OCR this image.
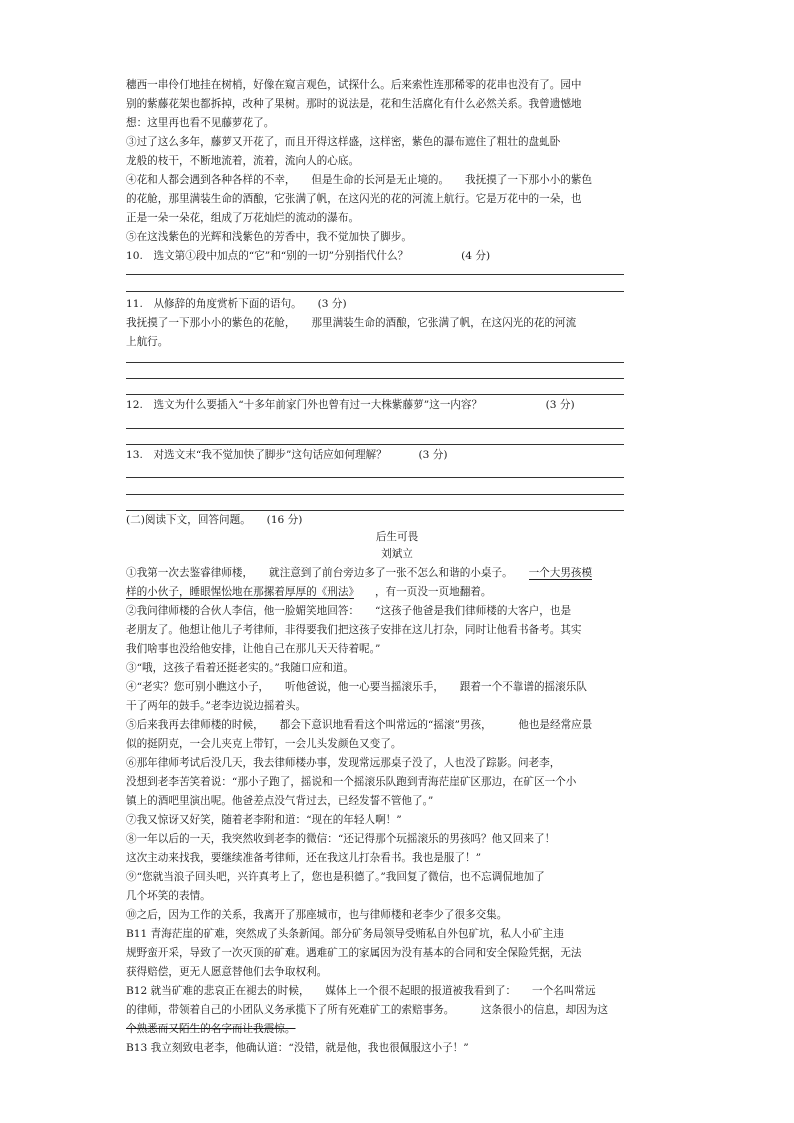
穗西一串伶仃地挂在树梢，好像在窥言观色，试探什么。后来索性连那稀零的花串也没有了。园中
别的紫藤花架也都拆掉，改种了果树。那时的说法是，花和生活腐化有什么必然关系。我曾遗憾地
想：这里再也看不见藤萝花了。
③过了这么多年，藤萝又开花了，而且开得这样盛，这样密，紫色的瀑布遮住了粗壮的盘虬卧
龙般的枝干，不断地流着，流着，流向人的心底。
④花和人都会遇到各种各样的不幸，　　但是生命的长河是无止境的。　　我抚摸了一下那小小的紫色
的花舱，那里满装生命的酒酿，它张满了帆，在这闪光的花的河流上航行。它是万花中的一朵，也
正是一朵一朵花，组成了万花灿烂的流动的瀑布。
⑤在这浅紫色的光辉和浅紫色的芳香中，我不觉加快了脚步。
10.　选文第①段中加点的“它”和“别的一切”分别指代什么？　　　　　(4 分)
11.　从修辞的角度赏析下面的语句。　　(3 分)
我抚摸了一下那小小的紫色的花舱，　　那里满装生命的酒酿，它张满了帆，在这闪光的花的河流
上航行。
12.　选文为什么要插入“十多年前家门外也曾有过一大株紫藤萝”这一内容？　　　　　　(3 分)
13.　对选文末“我不觉加快了脚步”这句话应如何理解？　　　(3 分)
(二)阅读下文，回答问题。　　(16 分)
后生可畏
刘斌立
①我第一次去鉴睿律师楼，　　就注意到了前台旁边多了一张不怎么和谐的小桌子。　　一个大男孩模
样的小伙子，睡眼惺忪地在那摞着厚厚的《刑法》　　，有一页没一页地翻着。
②我问律师楼的合伙人李信，他一脸媚笑地回答：　　“这孩子他爸是我们律师楼的大客户，也是
老朋友了。他想让他儿子考律师，非得要我们把这孩子安排在这儿打杂，同时让他看书备考。其实
我们啥事也没给他安排，让他自己在那儿天天待着呢。”
③“哦，这孩子看着还挺老实的。”我随口应和道。
④“老实？您可别小瞧这小子，　　听他爸说，他一心要当摇滚乐手，　　跟着一个不靠谱的摇滚乐队
干了两年的鼓手。”老李边说边摇着头。
⑤后来我再去律师楼的时候，　　都会下意识地看看这个叫常远的“摇滚”男孩，　　　他也是经常应景
似的挺阴克，一会儿夹克上带钉，一会儿头发颜色又变了。
⑥那年律师考试后没几天，我去律师楼办事，发现常远那桌子没了，人也没了踪影。问老李，
没想到老李苦笑着说：“那小子跑了，摇说和一个摇滚乐队跑到青海茫崖矿区那边，在矿区一个小
镇上的酒吧里演出呢。他爸差点没气背过去，已经发誓不管他了。”
⑦我又惊讶又好笑，随着老李附和道：“现在的年轻人啊！”
⑧一年以后的一天，我突然收到老李的微信：“还记得那个玩摇滚乐的男孩吗？他又回来了！
这次主动来找我，要继续准备考律师，还在我这儿打杂看书。我也是服了！”
⑨“您就当浪子回头吧，兴许真考上了，您也是积德了。”我回复了微信，也不忘调侃地加了
几个坏笑的表情。
⑩之后，因为工作的关系，我离开了那座城市，也与律师楼和老李少了很多交集。
B11 青海茫崖的矿难，突然成了头条新闻。部分矿务局领导受贿私自外包矿坑，私人小矿主违
规野蛮开采，导致了一次灭顶的矿难。遇难矿工的家属因为没有基本的合同和安全保险凭据，无法
获得赔偿，更无人愿意替他们去争取权利。
B12 就当矿难的悲哀正在褪去的时候，　　媒体上一个很不起眼的报道被我看到了：　　一个名叫常远
的律师，带领着自己的小团队义务承揽下了所有死难矿工的索赔事务。　　　这条很小的信息，却因为这
个熟悉而又陌生的名字而让我震惊。
B13 我立刻致电老李，他确认道：“没错，就是他，我也很佩服这小子！”
